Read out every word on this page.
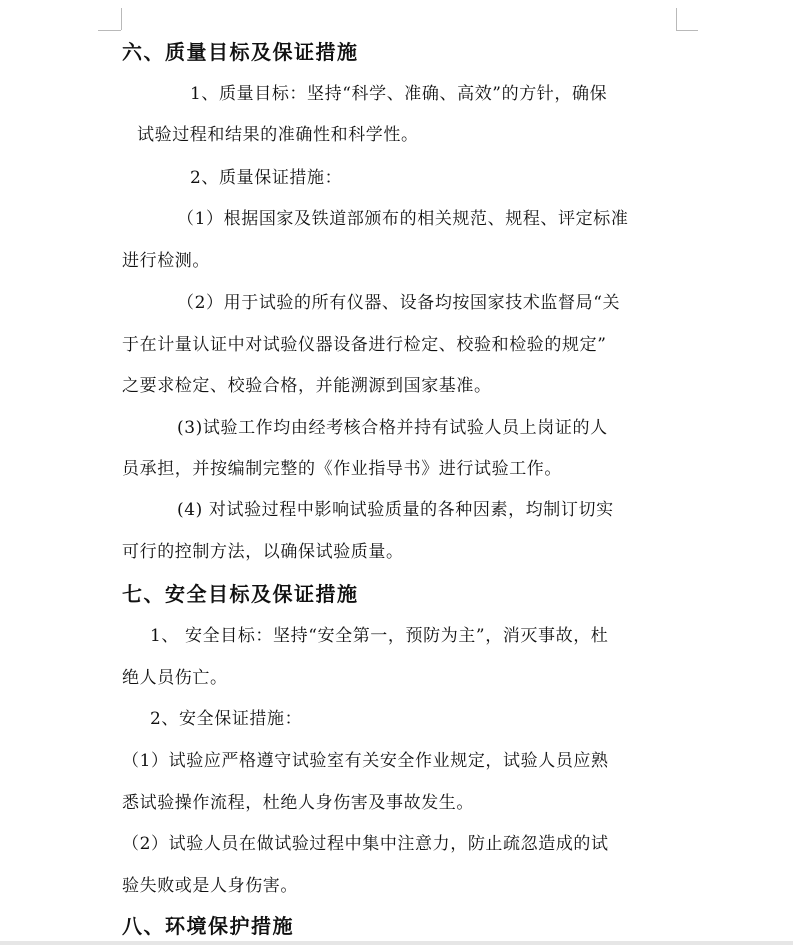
六、质量目标及保证措施
1、质量目标：坚持“科学、准确、高效”的方针，确保
试验过程和结果的准确性和科学性。
2、质量保证措施：
（1）根据国家及铁道部颁布的相关规范、规程、评定标准
进行检测。
（2）用于试验的所有仪器、设备均按国家技术监督局“关
于在计量认证中对试验仪器设备进行检定、校验和检验的规定”
之要求检定、校验合格，并能溯源到国家基准。
(3)试验工作均由经考核合格并持有试验人员上岗证的人
员承担，并按编制完整的《作业指导书》进行试验工作。
(4) 对试验过程中影响试验质量的各种因素，均制订切实
可行的控制方法，以确保试验质量。
七、安全目标及保证措施
1、 安全目标：坚持“安全第一，预防为主”，消灭事故，杜
绝人员伤亡。
2、安全保证措施：
（1）试验应严格遵守试验室有关安全作业规定，试验人员应熟
悉试验操作流程，杜绝人身伤害及事故发生。
（2）试验人员在做试验过程中集中注意力，防止疏忽造成的试
验失败或是人身伤害。
八、环境保护措施
